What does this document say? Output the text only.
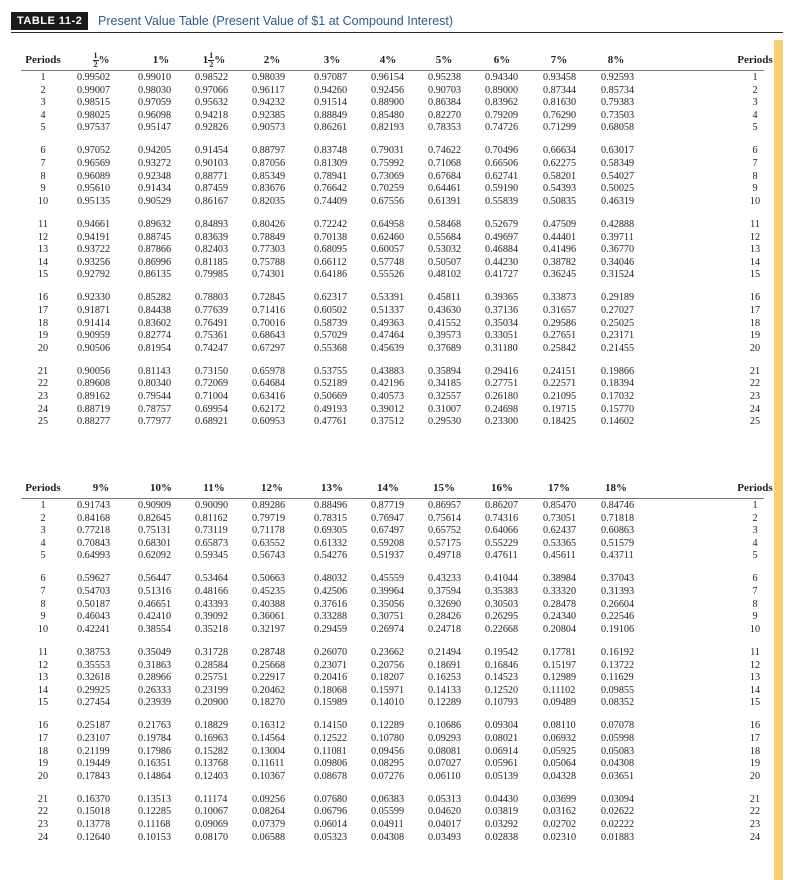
TABLE 11-2	Present Value Table (Present Value of $1 at Compound Interest)
Periods	$\frac{1}{2}$ %	1%	$1 \frac{1}{2}$ %	2%	3%	4%	5%	6%	7%	8%	Periods
1	0.99502	0.99010 0.98522 0.98039	0.97087 0.96154 0.95238 0.94340 0.93458 0.92593	1
2	0.99007	0.98030 0.97066 0.96117	0.94260 0.92456 0.90703 0.89000 0.87344 0.85734	2
3	0.98515	0.97059 0.95632 0.94232	0.91514 0.88900 0.86384 0.83962 0.81630 0.79383	3
4	0.98025	0.96098 0.94218 0.92385	0.88849 0.85480 0.82270 0.79209 0.76290 0.73503	4
5	0.97537	0.95147 0.92826 0.90573	0.86261 0.82193 0.78353 0.74726 0.71299 0.68058	5
6	0.97052	0.94205 0.91454 0.88797	0.83748 0.79031 0.74622 0.70496 0.66634 0.63017	6
7	0.96569	0.93272 0.90103 0.87056	0.81309 0.75992 0.71068 0.66506 0.62275 0.58349	7
8	0.96089	0.92348 0.88771 0.85349	0.78941 0.73069 0.67684 0.62741 0.58201 0.54027	8
9	0.95610	0.91434 0.87459 0.83676	0.76642 0.70259 0.64461 0.59190 0.54393 0.50025	9
10	0.95135	0.90529 0.86167 0.82035	0.74409 0.67556 0.61391 0.55839 0.50835 0.46319	10
11	0.94661	0.89632 0.84893 0.80426	0.72242 0.64958 0.58468 0.52679 0.47509 0.42888	11
12	0.94191	0.88745 0.83639 0.78849	0.70138 0.62460 0.55684 0.49697 0.44401 0.39711	12
13	0.93722	0.87866 0.82403 0.77303	0.68095 0.60057 0.53032 0.46884 0.41496 0.36770	13
14	0.93256	0.86996 0.81185 0.75788	0.66112 0.57748 0.50507 0.44230 0.38782 0.34046	14
15	0.92792	0.86135 0.79985 0.74301	0.64186 0.55526 0.48102 0.41727 0.36245 0.31524	15
16	0.92330	0.85282 0.78803 0.72845	0.62317 0.53391 0.45811 0.39365 0.33873 0.29189	16
17	0.91871	0.84438 0.77639 0.71416	0.60502 0.51337 0.43630 0.37136 0.31657 0.27027	17
18	0.91414	0.83602 0.76491 0.70016	0.58739 0.49363 0.41552 0.35034 0.29586 0.25025	18
19	0.90959	0.82774 0.75361 0.68643	0.57029 0.47464 0.39573 0.33051 0.27651 0.23171	19
20	0.90506	0.81954 0.74247 0.67297	0.55368 0.45639 0.37689 0.31180 0.25842 0.21455	20
21	0.90056	0.81143 0.73150 0.65978	0.53755 0.43883 0.35894 0.29416 0.24151 0.19866	21
22	0.89608	0.80340 0.72069 0.64684	0.52189 0.42196 0.34185 0.27751 0.22571 0.18394	22
23	0.89162	0.79544 0.71004 0.63416	0.50669 0.40573 0.32557 0.26180 0.21095 0.17032	23
24	0.88719	0.78757 0.69954 0.62172	0.49193 0.39012 0.31007 0.24698 0.19715 0.15770	24
25	0.88277	0.77977 0.68921 0.60953	0.47761 0.37512 0.29530 0.23300 0.18425 0.14602	25
Periods	9%	10%	11%	12%	13%	14%	15%	16%	17%	18%	Periods
1	0.91743	0.90909 0.90090 0.89286	0.88496 0.87719 0.86957 0.86207 0.85470 0.84746	1
2	0.84168	0.82645 0.81162 0.79719	0.78315 0.76947 0.75614 0.74316 0.73051 0.71818	2
3	0.77218	0.75131 0.73119 0.71178	0.69305 0.67497 0.65752 0.64066 0.62437 0.60863	3
4	0.70843	0.68301 0.65873 0.63552	0.61332 0.59208 0.57175 0.55229 0.53365 0.51579	4
5	0.64993	0.62092 0.59345 0.56743	0.54276 0.51937 0.49718 0.47611 0.45611 0.43711	5
6	0.59627	0.56447 0.53464 0.50663	0.48032 0.45559 0.43233 0.41044 0.38984 0.37043	6
7	0.54703	0.51316 0.48166 0.45235	0.42506 0.39964 0.37594 0.35383 0.33320 0.31393	7
8	0.50187	0.46651 0.43393 0.40388	0.37616 0.35056 0.32690 0.30503 0.28478 0.26604	8
9	0.46043	0.42410 0.39092 0.36061	0.33288 0.30751 0.28426 0.26295 0.24340 0.22546	9
10	0.42241	0.38554 0.35218 0.32197	0.29459 0.26974 0.24718 0.22668 0.20804 0.19106	10
11	0.38753	0.35049 0.31728 0.28748	0.26070 0.23662 0.21494 0.19542 0.17781 0.16192	11
12	0.35553	0.31863 0.28584 0.25668	0.23071 0.20756 0.18691 0.16846 0.15197 0.13722	12
13	0.32618	0.28966 0.25751 0.22917	0.20416 0.18207 0.16253 0.14523 0.12989 0.11629	13
14	0.29925	0.26333 0.23199 0.20462	0.18068 0.15971 0.14133 0.12520 0.11102	0.09855	14
15	0.27454	0.23939 0.20900 0.18270	0.15989 0.14010 0.12289 0.10793 0.09489 0.08352	15
16	0.25187	0.21763 0.18829 0.16312	0.14150 0.12289 0.10686 0.09304 0.08110 0.07078	16
17	0.23107	0.19784 0.16963 0.14564	0.12522 0.10780 0.09293 0.08021 0.06932 0.05998	17
18	0.21199	0.17986 0.15282 0.13004	0.11081 0.09456 0.08081 0.06914 0.05925 0.05083	18
19	0.19449	0.16351 0.13768 0.11611	0.09806 0.08295 0.07027 0.05961 0.05064 0.04308	19
20	0.17843	0.14864 0.12403 0.10367	0.08678 0.07276 0.06110 0.05139 0.04328 0.03651	20
21	0.16370	0.13513 0.11174 0.09256	0.07680 0.06383 0.05313 0.04430 0.03699 0.03094	21
22	0.15018	0.12285 0.10067 0.08264	0.06796 0.05599 0.04620 0.03819 0.03162 0.02622	22
23	0.13778	0.11168 0.09069 0.07379	0.06014 0.04911 0.04017 0.03292 0.02702 0.02222	23
24	0.12640	0.10153 0.08170 0.06588	0.05323 0.04308 0.03493 0.02838 0.02310 0.01883	24
